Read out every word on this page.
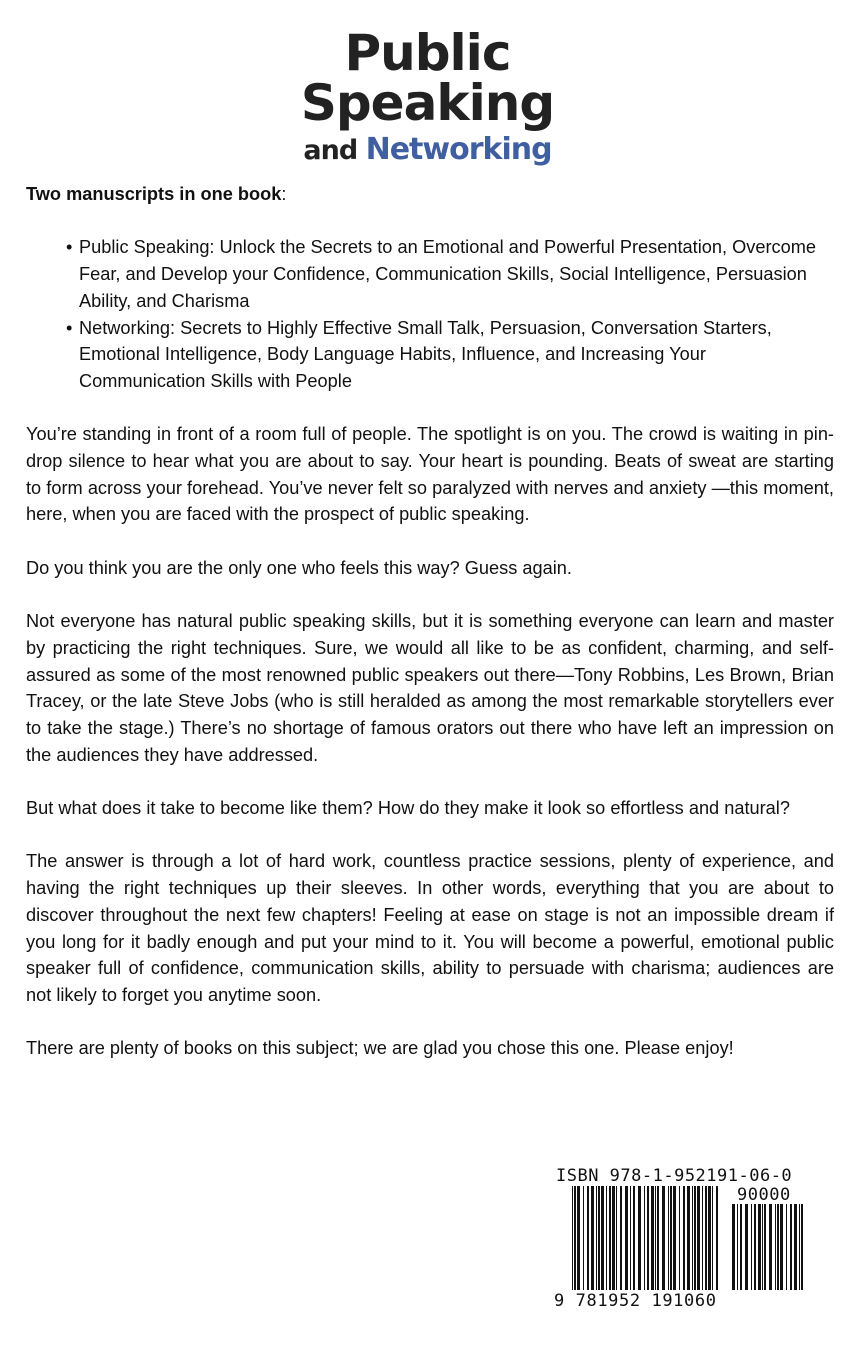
Public
Speaking
and Networking
Two manuscripts in one book:
• Public Speaking: Unlock the Secrets to an Emotional and Powerful Presentation, Overcome Fear, and Develop your Confidence, Communication Skills, Social Intelligence, Persuasion Ability, and Charisma
• Networking: Secrets to Highly Effective Small Talk, Persuasion, Conversation Starters, Emotional Intelligence, Body Language Habits, Influence, and Increasing Your Communication Skills with People

You’re standing in front of a room full of people. The spotlight is on you. The crowd is waiting in pin-drop silence to hear what you are about to say. Your heart is pounding. Beats of sweat are starting to form across your forehead. You’ve never felt so paralyzed with nerves and anxiety —this moment, here, when you are faced with the prospect of public speaking.

Do you think you are the only one who feels this way? Guess again.

Not everyone has natural public speaking skills, but it is something everyone can learn and master by practicing the right techniques. Sure, we would all like to be as confident, charming, and self-assured as some of the most renowned public speakers out there—Tony Robbins, Les Brown, Brian Tracey, or the late Steve Jobs (who is still heralded as among the most remarkable storytellers ever to take the stage.) There’s no shortage of famous orators out there who have left an impression on the audiences they have addressed.

But what does it take to become like them? How do they make it look so effortless and natural?

The answer is through a lot of hard work, countless practice sessions, plenty of experience, and having the right techniques up their sleeves. In other words, everything that you are about to discover throughout the next few chapters! Feeling at ease on stage is not an impossible dream if you long for it badly enough and put your mind to it. You will become a powerful, emotional public speaker full of confidence, communication skills, ability to persuade with charisma; audiences are not likely to forget you anytime soon.

There are plenty of books on this subject; we are glad you chose this one. Please enjoy!

ISBN 978-1-952191-06-0
90000
9 781952 191060
